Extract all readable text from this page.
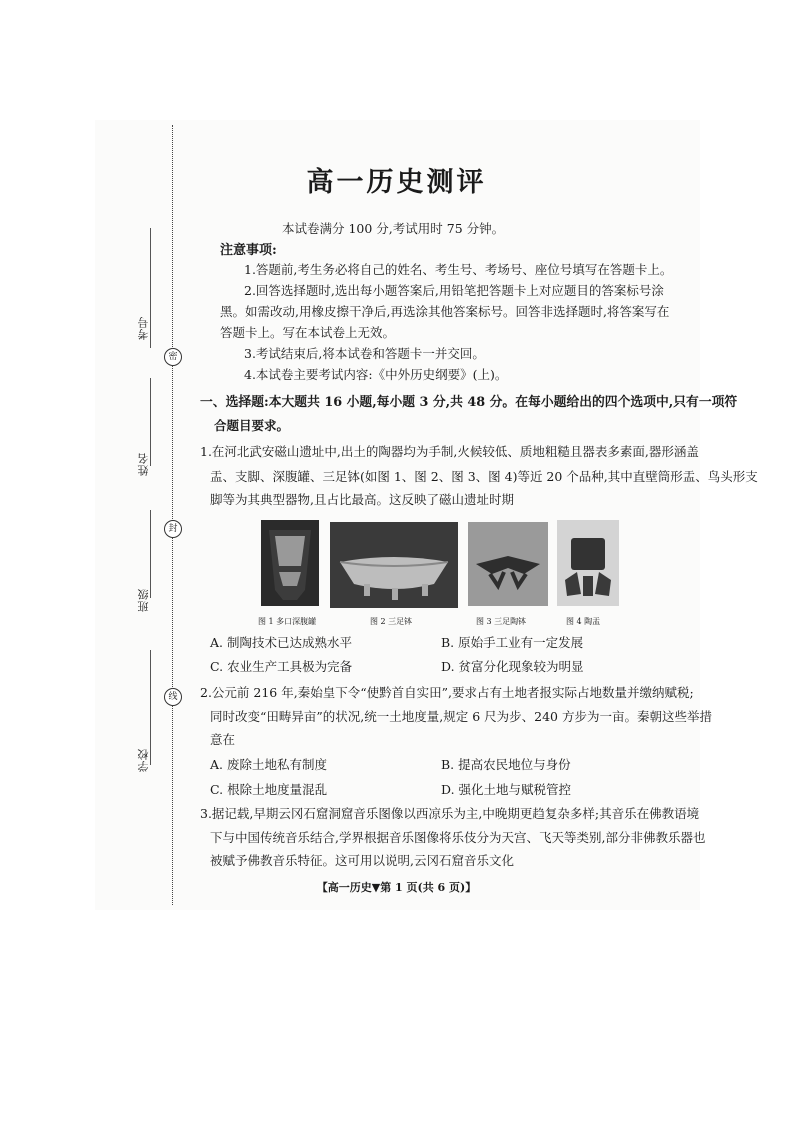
考号
姓名
班级
学校
密
封
线
高一历史测评
本试卷满分 100 分,考试用时 75 分钟。
注意事项:
1.答题前,考生务必将自己的姓名、考生号、考场号、座位号填写在答题卡上。
2.回答选择题时,选出每小题答案后,用铅笔把答题卡上对应题目的答案标号涂
黑。如需改动,用橡皮擦干净后,再选涂其他答案标号。回答非选择题时,将答案写在
答题卡上。写在本试卷上无效。
3.考试结束后,将本试卷和答题卡一并交回。
4.本试卷主要考试内容:《中外历史纲要》(上)。
一、选择题:本大题共 16 小题,每小题 3 分,共 48 分。在每小题给出的四个选项中,只有一项符
合题目要求。
1.在河北武安磁山遗址中,出土的陶器均为手制,火候较低、质地粗糙且器表多素面,器形涵盖
盂、支脚、深腹罐、三足钵(如图 1、图 2、图 3、图 4)等近 20 个品种,其中直壁筒形盂、鸟头形支
脚等为其典型器物,且占比最高。这反映了磁山遗址时期
图 1 多口深腹罐	图 2 三足钵	图 3 三足陶钵	图 4 陶盂
A. 制陶技术已达成熟水平	B. 原始手工业有一定发展
C. 农业生产工具极为完备	D. 贫富分化现象较为明显
2.公元前 216 年,秦始皇下令“使黔首自实田”,要求占有土地者报实际占地数量并缴纳赋税;
同时改变“田畴异亩”的状况,统一土地度量,规定 6 尺为步、240 方步为一亩。秦朝这些举措
意在
A. 废除土地私有制度	B. 提高农民地位与身份
C. 根除土地度量混乱	D. 强化土地与赋税管控
3.据记载,早期云冈石窟洞窟音乐图像以西凉乐为主,中晚期更趋复杂多样;其音乐在佛教语境
下与中国传统音乐结合,学界根据音乐图像将乐伎分为天宫、飞天等类别,部分非佛教乐器也
被赋予佛教音乐特征。这可用以说明,云冈石窟音乐文化
【高一历史▼第 1 页(共 6 页)】
